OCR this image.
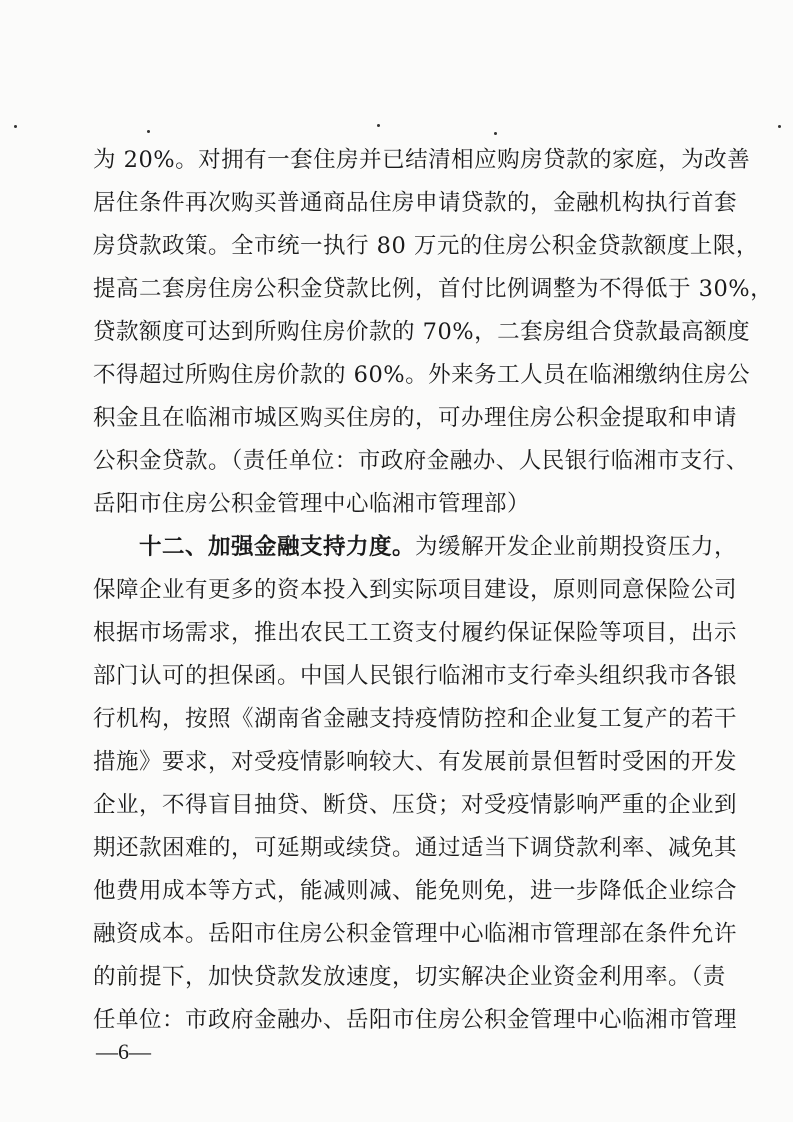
为 20%。对拥有一套住房并已结清相应购房贷款的家庭，为改善
居住条件再次购买普通商品住房申请贷款的，金融机构执行首套
房贷款政策。全市统一执行 80 万元的住房公积金贷款额度上限，
提高二套房住房公积金贷款比例，首付比例调整为不得低于 30%，
贷款额度可达到所购住房价款的 70%，二套房组合贷款最高额度
不得超过所购住房价款的 60%。外来务工人员在临湘缴纳住房公
积金且在临湘市城区购买住房的，可办理住房公积金提取和申请
公积金贷款。（责任单位：市政府金融办、人民银行临湘市支行、
岳阳市住房公积金管理中心临湘市管理部）
十二、加强金融支持力度。为缓解开发企业前期投资压力，
保障企业有更多的资本投入到实际项目建设，原则同意保险公司
根据市场需求，推出农民工工资支付履约保证保险等项目，出示
部门认可的担保函。中国人民银行临湘市支行牵头组织我市各银
行机构，按照《湖南省金融支持疫情防控和企业复工复产的若干
措施》要求，对受疫情影响较大、有发展前景但暂时受困的开发
企业，不得盲目抽贷、断贷、压贷；对受疫情影响严重的企业到
期还款困难的，可延期或续贷。通过适当下调贷款利率、减免其
他费用成本等方式，能减则减、能免则免，进一步降低企业综合
融资成本。岳阳市住房公积金管理中心临湘市管理部在条件允许
的前提下，加快贷款发放速度，切实解决企业资金利用率。（责
任单位：市政府金融办、岳阳市住房公积金管理中心临湘市管理
—6—
